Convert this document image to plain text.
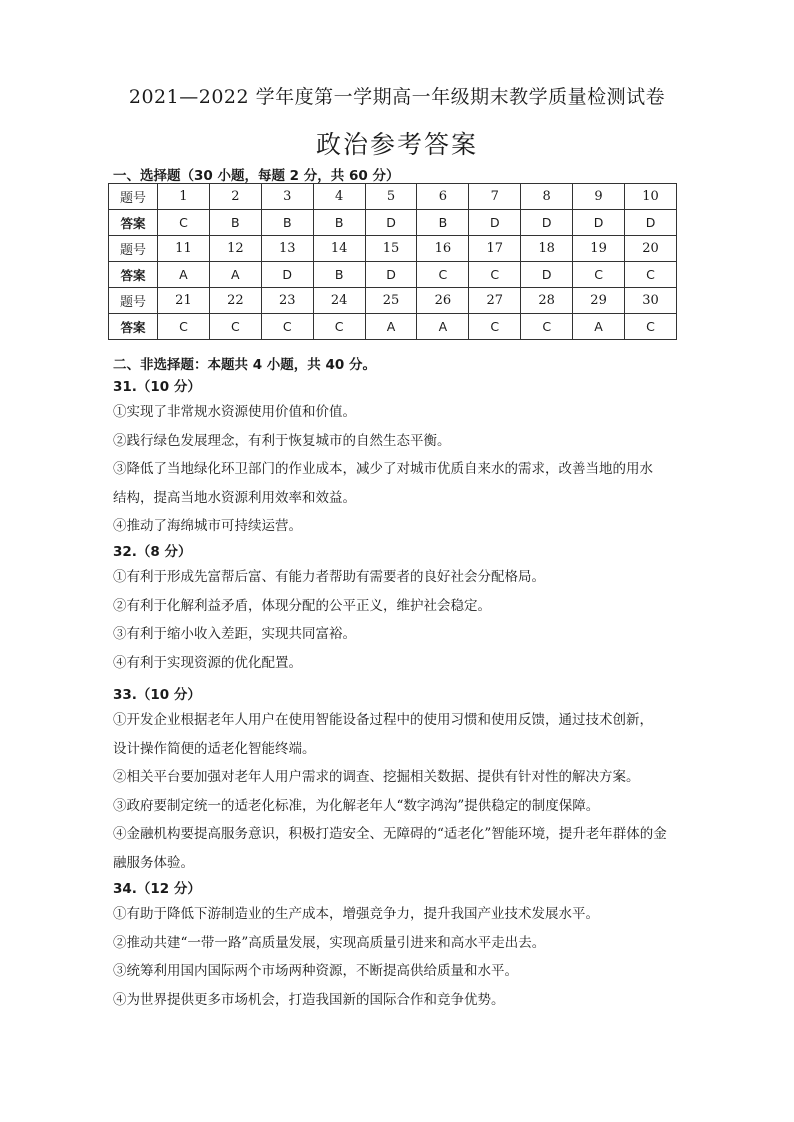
2021—2022 学年度第一学期高一年级期末教学质量检测试卷
政治参考答案
一、选择题（30 小题，每题 2 分，共 60 分）
题号	1	2	3	4	5	6	7	8	9	10
答案	C	B	B	B	D	B	D	D	D	D
题号	11	12	13	14	15	16	17	18	19	20
答案	A	A	D	B	D	C	C	D	C	C
题号	21	22	23	24	25	26	27	28	29	30
答案	C	C	C	C	A	A	C	C	A	C
二、非选择题：本题共 4 小题，共 40 分。
31.（10 分）

①实现了非常规水资源使用价值和价值。

②践行绿色发展理念，有利于恢复城市的自然生态平衡。

③降低了当地绿化环卫部门的作业成本，减少了对城市优质自来水的需求，改善当地的用水

结构，提高当地水资源利用效率和效益。

④推动了海绵城市可持续运营。

32.（8 分）

①有利于形成先富帮后富、有能力者帮助有需要者的良好社会分配格局。

②有利于化解利益矛盾，体现分配的公平正义，维护社会稳定。

③有利于缩小收入差距，实现共同富裕。

④有利于实现资源的优化配置。

33.（10 分）

①开发企业根据老年人用户在使用智能设备过程中的使用习惯和使用反馈，通过技术创新，

设计操作简便的适老化智能终端。

②相关平台要加强对老年人用户需求的调查、挖掘相关数据、提供有针对性的解决方案。

③政府要制定统一的适老化标准，为化解老年人“数字鸿沟”提供稳定的制度保障。

④金融机构要提高服务意识，积极打造安全、无障碍的“适老化”智能环境，提升老年群体的金

融服务体验。

34.（12 分）

①有助于降低下游制造业的生产成本，增强竞争力，提升我国产业技术发展水平。

②推动共建“一带一路”高质量发展，实现高质量引进来和高水平走出去。

③统筹利用国内国际两个市场两种资源，不断提高供给质量和水平。

④为世界提供更多市场机会，打造我国新的国际合作和竞争优势。
